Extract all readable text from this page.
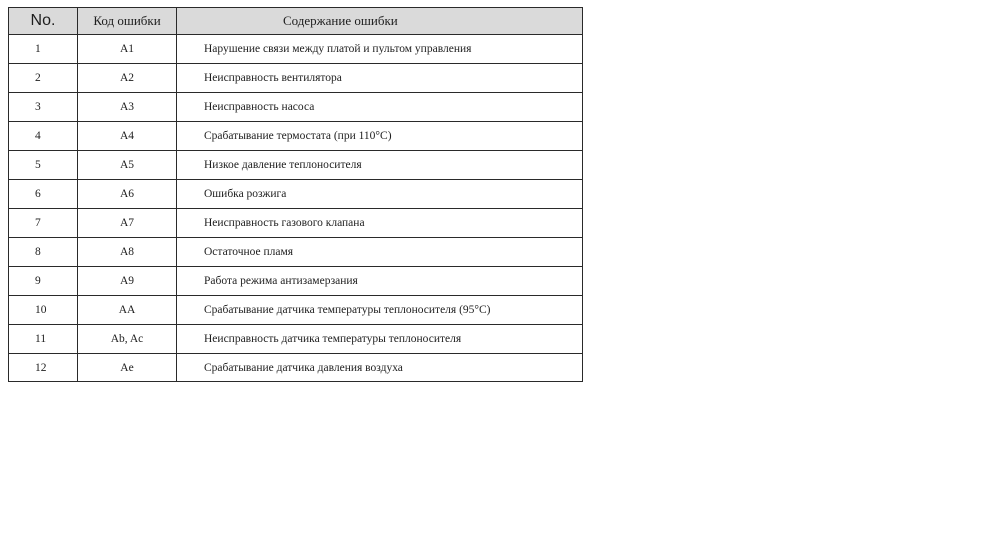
No.	Код ошибки	Содержание ошибки
1	A1	Нарушение связи между платой и пультом управления
2	A2	Неисправность вентилятора
3	A3	Неисправность насоса
4	A4	Срабатывание термостата (при 110°С)
5	A5	Низкое давление теплоносителя
6	A6	Ошибка розжига
7	A7	Неисправность газового клапана
8	A8	Остаточное пламя
9	A9	Работа режима антизамерзания
10	AA	Срабатывание датчика температуры теплоносителя (95°С)
11	Ab, Ac	Неисправность датчика температуры теплоносителя
12	Ae	Срабатывание датчика давления воздуха
